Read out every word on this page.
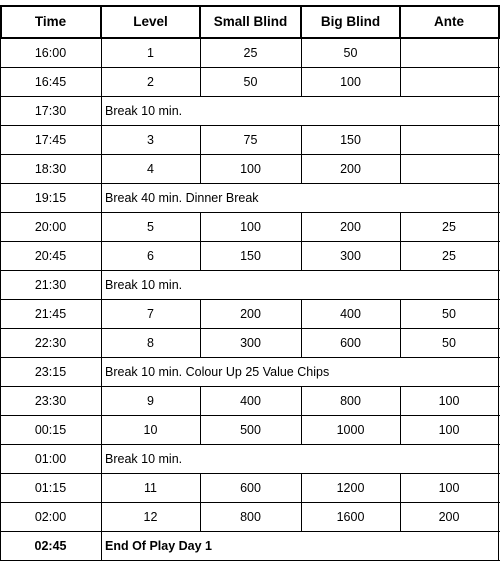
Time	Level	Small Blind	Big Blind	Ante
16:00	1	25	50
16:45	2	50	100
17:30	Break 10 min.
17:45	3	75	150
18:30	4	100	200
19:15	Break 40 min. Dinner Break
20:00	5	100	200	25
20:45	6	150	300	25
21:30	Break 10 min.
21:45	7	200	400	50
22:30	8	300	600	50
23:15	Break 10 min. Colour Up 25 Value Chips
23:30	9	400	800	100
00:15	10	500	1000	100
01:00	Break 10 min.
01:15	11	600	1200	100
02:00	12	800	1600	200
02:45	End Of Play Day 1
